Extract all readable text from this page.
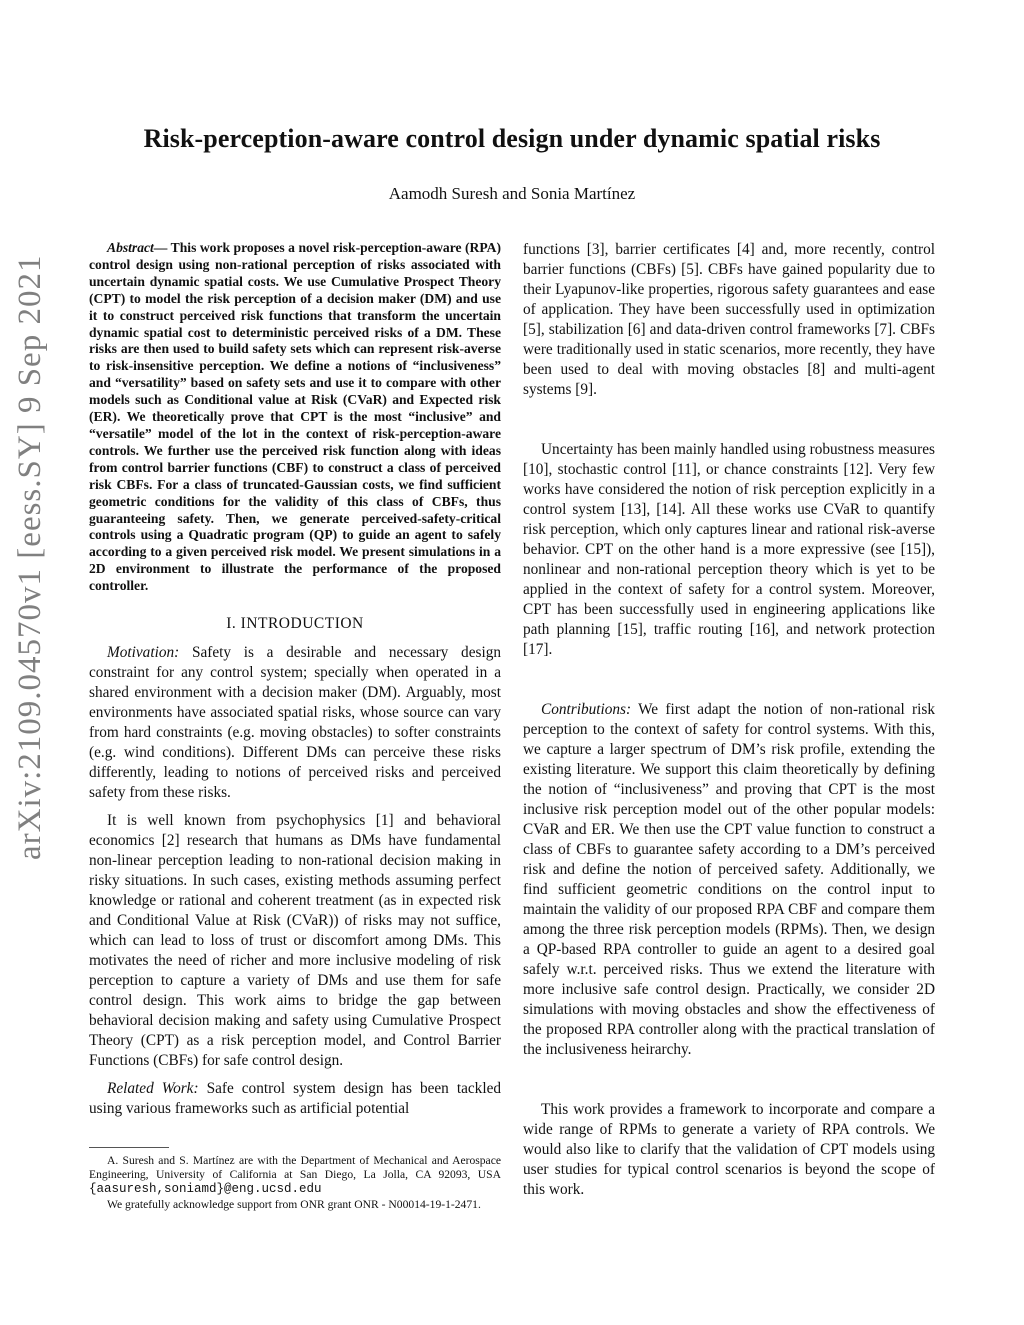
arXiv:2109.04570v1 [eess.SY] 9 Sep 2021
Risk-perception-aware control design under dynamic spatial risks
Aamodh Suresh and Sonia Martínez

Abstract— This work proposes a novel risk-perception-aware (RPA) control design using non-rational perception of risks associated with uncertain dynamic spatial costs. We use Cumulative Prospect Theory (CPT) to model the risk perception of a decision maker (DM) and use it to construct perceived risk functions that transform the uncertain dynamic spatial cost to deterministic perceived risks of a DM. These risks are then used to build safety sets which can represent risk-averse to risk-insensitive perception. We define a notions of “inclusiveness” and “versatility” based on safety sets and use it to compare with other models such as Conditional value at Risk (CVaR) and Expected risk (ER). We theoretically prove that CPT is the most “inclusive” and “versatile” model of the lot in the context of risk-perception-aware controls. We further use the perceived risk function along with ideas from control barrier functions (CBF) to construct a class of perceived risk CBFs. For a class of truncated-Gaussian costs, we find sufficient geometric conditions for the validity of this class of CBFs, thus guaranteeing safety. Then, we generate perceived-safety-critical controls using a Quadratic program (QP) to guide an agent to safely according to a given perceived risk model. We present simulations in a 2D environment to illustrate the performance of the proposed controller.

I. INTRODUCTION

Motivation: Safety is a desirable and necessary design constraint for any control system; specially when operated in a shared environment with a decision maker (DM). Arguably, most environments have associated spatial risks, whose source can vary from hard constraints (e.g. moving obstacles) to softer constraints (e.g. wind conditions). Different DMs can perceive these risks differently, leading to notions of perceived risks and perceived safety from these risks.

It is well known from psychophysics [1] and behavioral economics [2] research that humans as DMs have fundamental non-linear perception leading to non-rational decision making in risky situations. In such cases, existing methods assuming perfect knowledge or rational and coherent treatment (as in expected risk and Conditional Value at Risk (CVaR)) of risks may not suffice, which can lead to loss of trust or discomfort among DMs. This motivates the need of richer and more inclusive modeling of risk perception to capture a variety of DMs and use them for safe control design. This work aims to bridge the gap between behavioral decision making and safety using Cumulative Prospect Theory (CPT) as a risk perception model, and Control Barrier Functions (CBFs) for safe control design.

Related Work: Safe control system design has been tackled using various frameworks such as artificial potential

A. Suresh and S. Martínez are with the Department of Mechanical and Aerospace Engineering, University of California at San Diego, La Jolla, CA 92093, USA {aasuresh,soniamd}@eng.ucsd.edu

We gratefully acknowledge support from ONR grant ONR - N00014-19-1-2471.

functions [3], barrier certificates [4] and, more recently, control barrier functions (CBFs) [5]. CBFs have gained popularity due to their Lyapunov-like properties, rigorous safety guarantees and ease of application. They have been successfully used in optimization [5], stabilization [6] and data-driven control frameworks [7]. CBFs were traditionally used in static scenarios, more recently, they have been used to deal with moving obstacles [8] and multi-agent systems [9].

Uncertainty has been mainly handled using robustness measures [10], stochastic control [11], or chance constraints [12]. Very few works have considered the notion of risk perception explicitly in a control system [13], [14]. All these works use CVaR to quantify risk perception, which only captures linear and rational risk-averse behavior. CPT on the other hand is a more expressive (see [15]), nonlinear and non-rational perception theory which is yet to be applied in the context of safety for a control system. Moreover, CPT has been successfully used in engineering applications like path planning [15], traffic routing [16], and network protection [17].

Contributions: We first adapt the notion of non-rational risk perception to the context of safety for control systems. With this, we capture a larger spectrum of DM’s risk profile, extending the existing literature. We support this claim theoretically by defining the notion of “inclusiveness” and proving that CPT is the most inclusive risk perception model out of the other popular models: CVaR and ER. We then use the CPT value function to construct a class of CBFs to guarantee safety according to a DM’s perceived risk and define the notion of perceived safety. Additionally, we find sufficient geometric conditions on the control input to maintain the validity of our proposed RPA CBF and compare them among the three risk perception models (RPMs). Then, we design a QP-based RPA controller to guide an agent to a desired goal safely w.r.t. perceived risks. Thus we extend the literature with more inclusive safe control design. Practically, we consider 2D simulations with moving obstacles and show the effectiveness of the proposed RPA controller along with the practical translation of the inclusiveness heirarchy.

This work provides a framework to incorporate and compare a wide range of RPMs to generate a variety of RPA controls. We would also like to clarify that the validation of CPT models using user studies for typical control scenarios is beyond the scope of this work.
